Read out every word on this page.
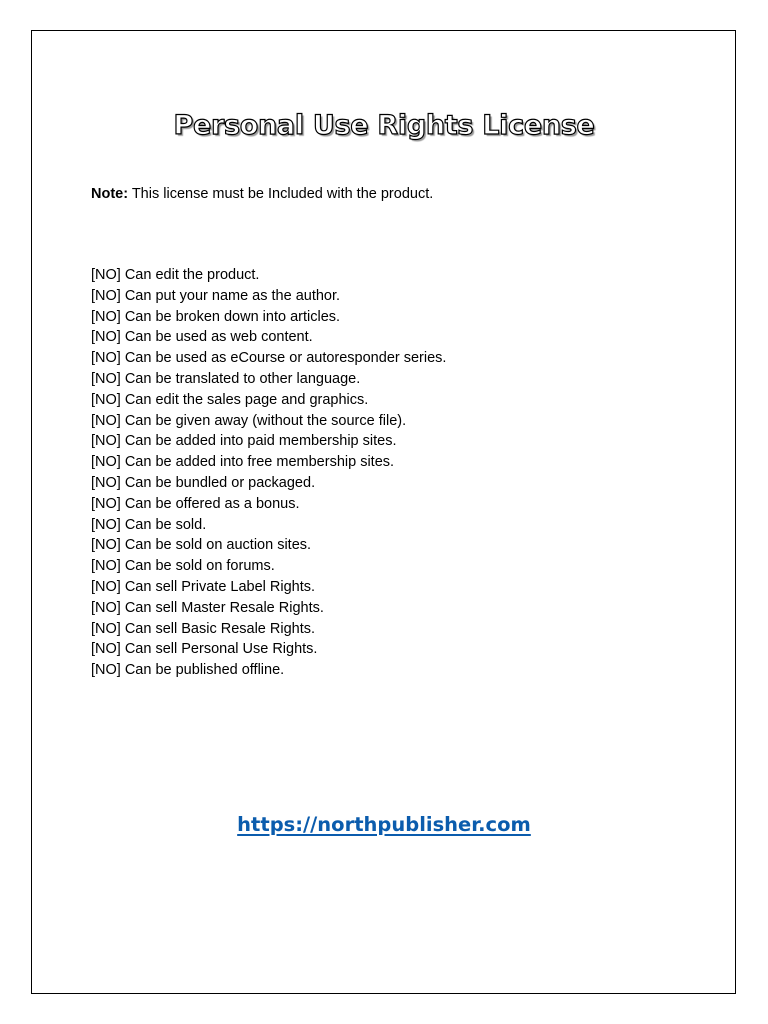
Personal Use Rights License

Note: This license must be Included with the product.

[NO] Can edit the product.
[NO] Can put your name as the author.
[NO] Can be broken down into articles.
[NO] Can be used as web content.
[NO] Can be used as eCourse or autoresponder series.
[NO] Can be translated to other language.
[NO] Can edit the sales page and graphics.
[NO] Can be given away (without the source file).
[NO] Can be added into paid membership sites.
[NO] Can be added into free membership sites.
[NO] Can be bundled or packaged.
[NO] Can be offered as a bonus.
[NO] Can be sold.
[NO] Can be sold on auction sites.
[NO] Can be sold on forums.
[NO] Can sell Private Label Rights.
[NO] Can sell Master Resale Rights.
[NO] Can sell Basic Resale Rights.
[NO] Can sell Personal Use Rights.
[NO] Can be published offline.
https://northpublisher.com
